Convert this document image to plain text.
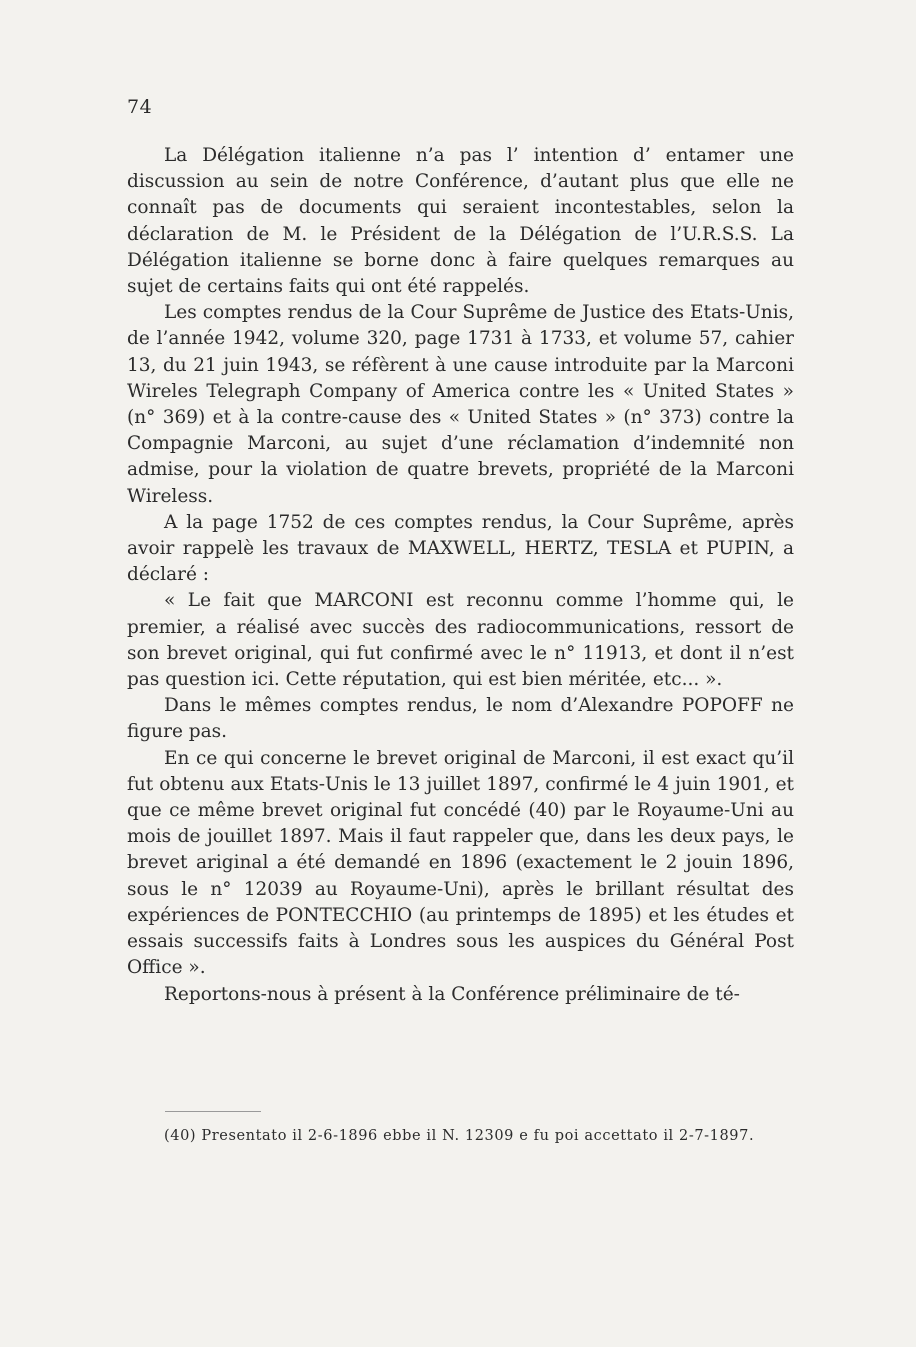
74

La Délégation italienne n’a pas l’ intention d’ entamer une discussion au sein de notre Conférence, d’autant plus que elle ne connaît pas de documents qui seraient incontestables, selon la déclaration de M. le Président de la Délégation de l’U.R.S.S. La Délégation italienne se borne donc à faire quelques remarques au sujet de certains faits qui ont été rappelés.

Les comptes rendus de la Cour Suprême de Justice des Etats-Unis, de l’année 1942, volume 320, page 1731 à 1733, et volume 57, cahier 13, du 21 juin 1943, se réfèrent à une cause introduite par la Marconi Wireles Telegraph Company of America contre les « United States » (n° 369) et à la contre-cause des « United States » (n° 373) contre la Compagnie Marconi, au sujet d’une réclamation d’indemnité non admise, pour la violation de quatre brevets, propriété de la Marconi Wireless.

A la page 1752 de ces comptes rendus, la Cour Suprême, après avoir rappelè les travaux de MAXWELL, HERTZ, TESLA et PUPIN, a déclaré :

« Le fait que MARCONI est reconnu comme l’homme qui, le premier, a réalisé avec succès des radiocommunications, ressort de son brevet original, qui fut confirmé avec le n° 11913, et dont il n’est pas question ici. Cette réputation, qui est bien méritée, etc... ».

Dans le mêmes comptes rendus, le nom d’Alexandre POPOFF ne figure pas.

En ce qui concerne le brevet original de Marconi, il est exact qu’il fut obtenu aux Etats-Unis le 13 juillet 1897, confirmé le 4 juin 1901, et que ce même brevet original fut concédé (40) par le Royaume-Uni au mois de jouillet 1897. Mais il faut rappeler que, dans les deux pays, le brevet ariginal a été demandé en 1896 (exactement le 2 jouin 1896, sous le n° 12039 au Royaume-Uni), après le brillant résultat des expériences de PONTECCHIO (au printemps de 1895) et les études et essais successifs faits à Londres sous les auspices du Général Post Office ».

Reportons-nous à présent à la Conférence préliminaire de té-

(40) Presentato il 2-6-1896 ebbe il N. 12309 e fu poi accettato il 2-7-1897.
